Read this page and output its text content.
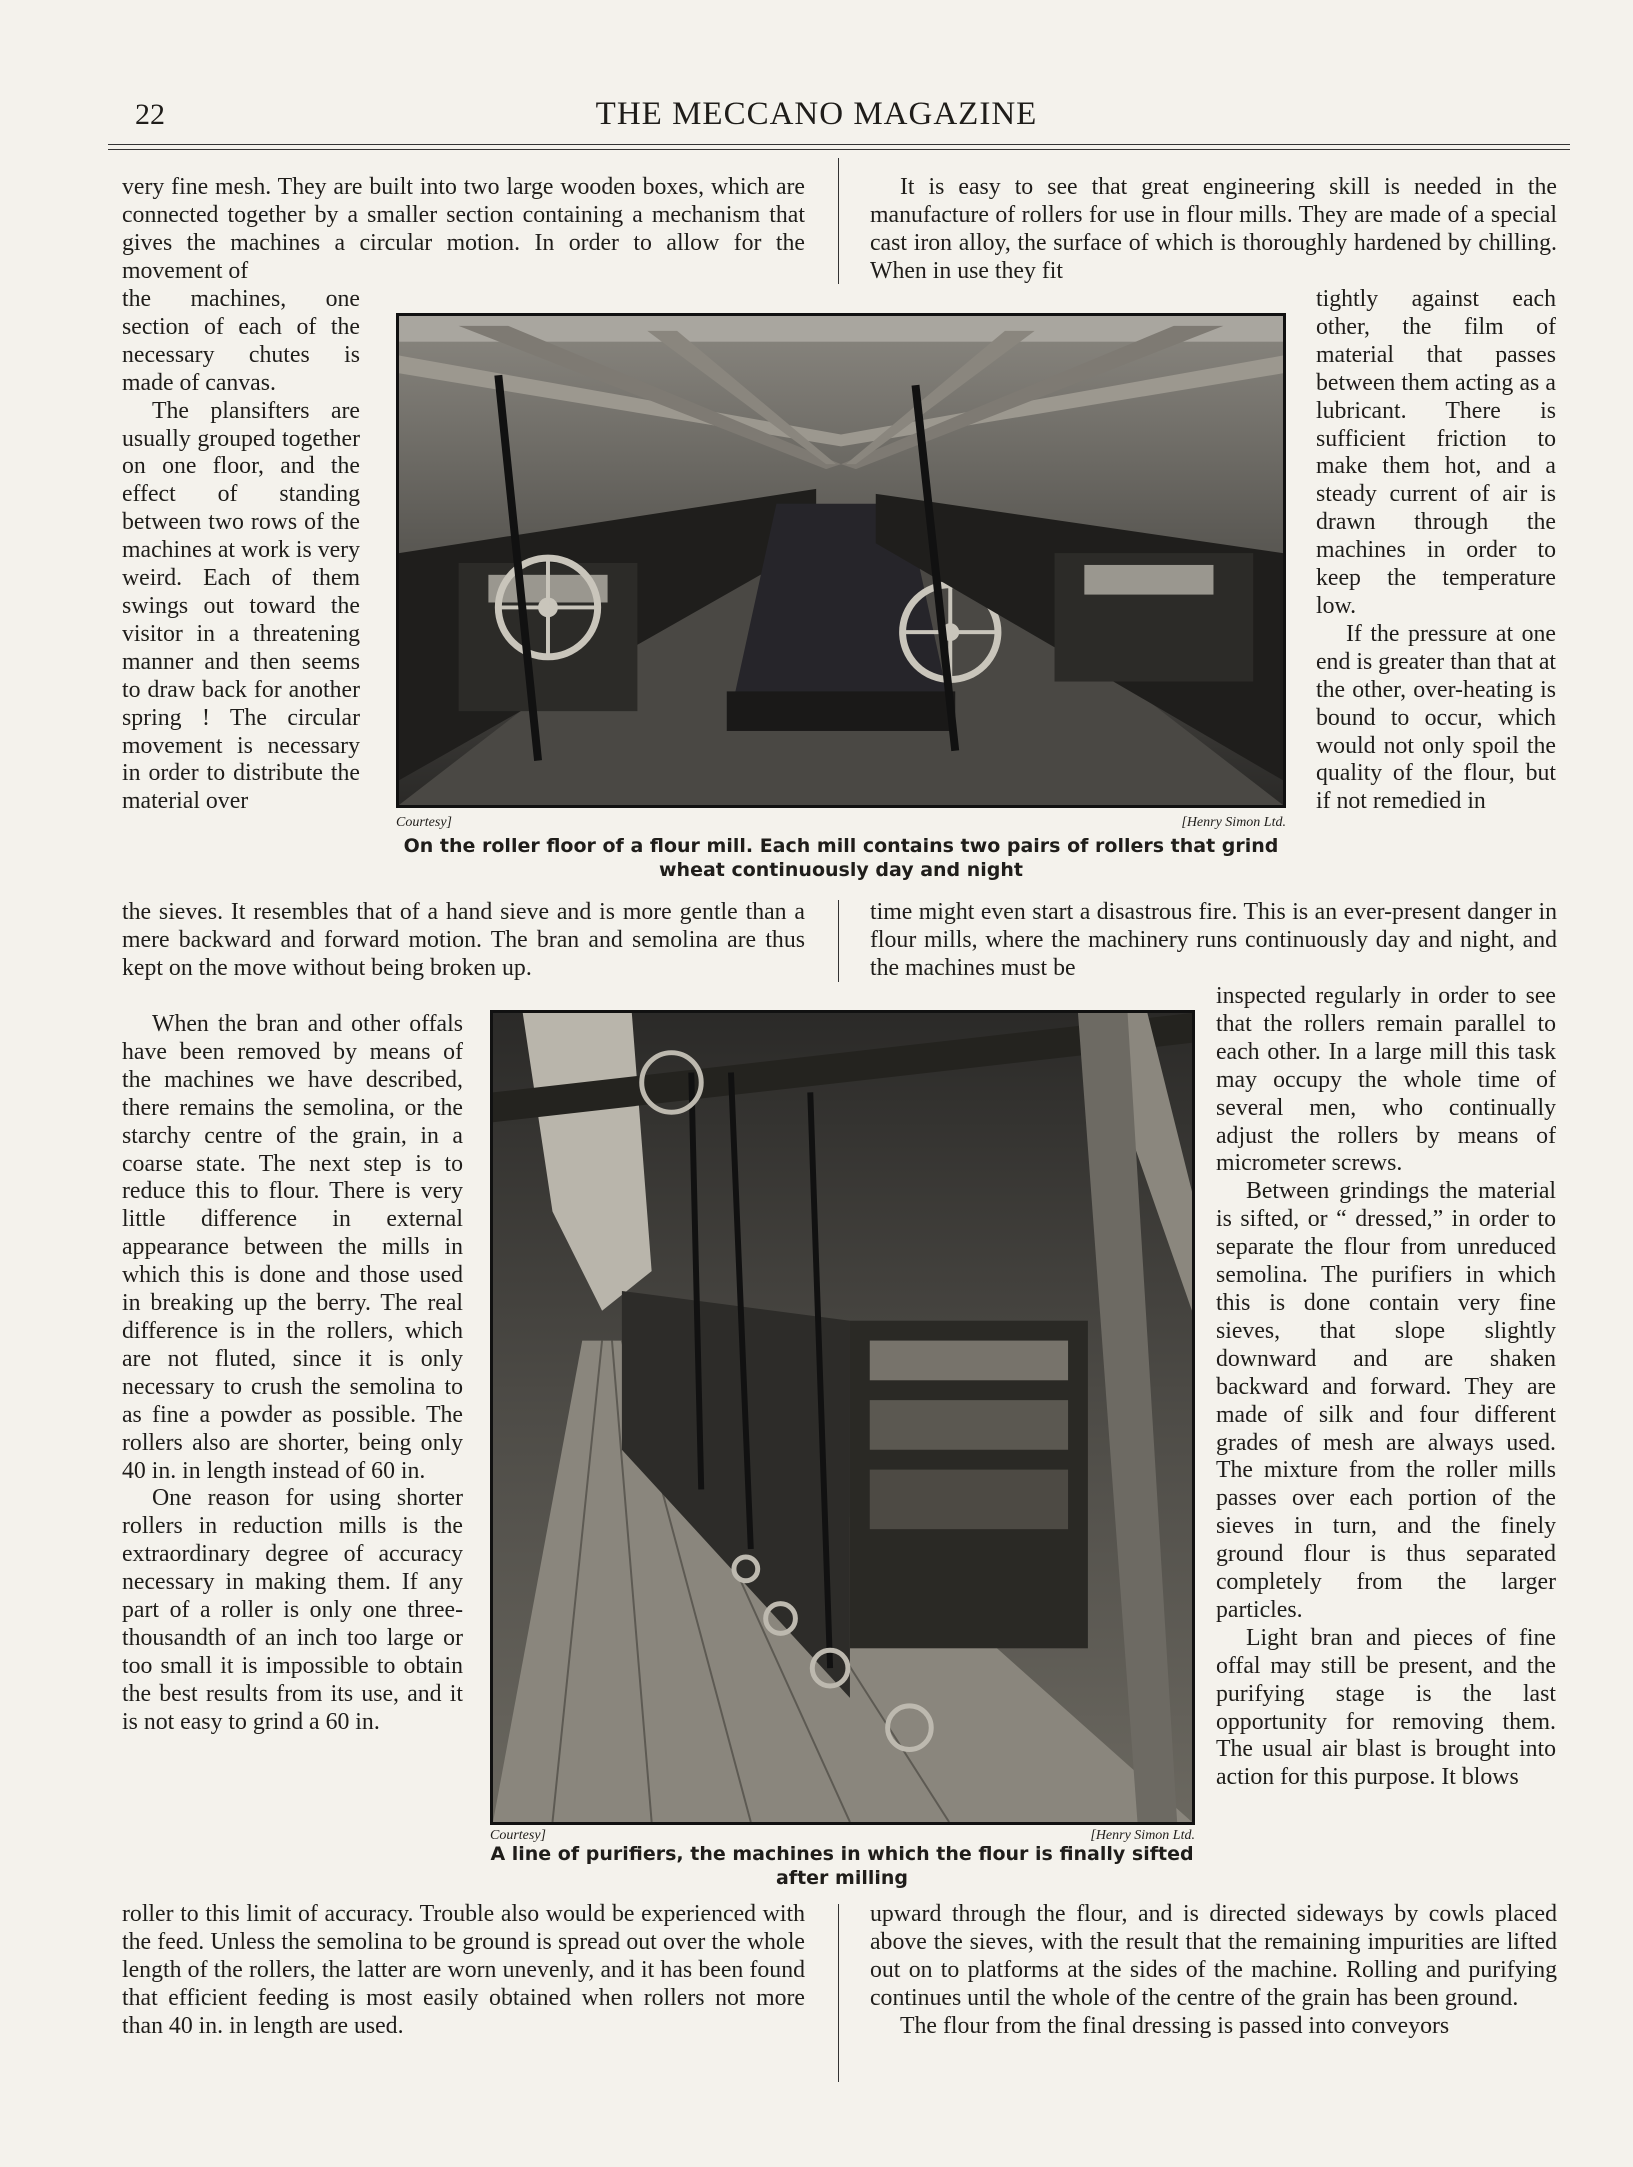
22	THE MECCANO MAGAZINE

very fine mesh. They are built into two large wooden boxes, which are connected together by a smaller section containing a mechanism that gives the machines a circular motion. In order to allow for the movement of

the machines, one section of each of the necessary chutes is made of canvas.

The plansifters are usually grouped together on one floor, and the effect of standing between two rows of the machines at work is very weird. Each of them swings out toward the visitor in a threatening manner and then seems to draw back for another spring ! The circular movement is necessary in order to distribute the material over

the sieves. It resembles that of a hand sieve and is more gentle than a mere backward and forward motion. The bran and semolina are thus kept on the move without being broken up.

When the bran and other offals have been removed by means of the machines we have described, there remains the semolina, or the starchy centre of the grain, in a coarse state. The next step is to reduce this to flour. There is very little difference in external appearance between the mills in which this is done and those used in breaking up the berry. The real difference is in the rollers, which are not fluted, since it is only necessary to crush the semolina to as fine a powder as possible. The rollers also are shorter, being only 40 in. in length instead of 60 in.

One reason for using shorter rollers in reduction mills is the extraordinary degree of accuracy necessary in making them. If any part of a roller is only one three-thousandth of an inch too large or too small it is impossible to obtain the best results from its use, and it is not easy to grind a 60 in.

roller to this limit of accuracy. Trouble also would be experienced with the feed. Unless the semolina to be ground is spread out over the whole length of the rollers, the latter are worn unevenly, and it has been found that efficient feeding is most easily obtained when rollers not more than 40 in. in length are used.

It is easy to see that great engineering skill is needed in the manufacture of rollers for use in flour mills. They are made of a special cast iron alloy, the surface of which is thoroughly hardened by chilling. When in use they fit

tightly against each other, the film of material that passes between them acting as a lubricant. There is sufficient friction to make them hot, and a steady current of air is drawn through the machines in order to keep the temperature low.

If the pressure at one end is greater than that at the other, over-heating is bound to occur, which would not only spoil the quality of the flour, but if not remedied in

time might even start a disastrous fire. This is an ever-present danger in flour mills, where the machinery runs continuously day and night, and the machines must be

inspected regularly in order to see that the rollers remain parallel to each other. In a large mill this task may occupy the whole time of several men, who continually adjust the rollers by means of micrometer screws.

Between grindings the material is sifted, or “ dressed,” in order to separate the flour from unreduced semolina. The purifiers in which this is done contain very fine sieves, that slope slightly downward and are shaken backward and forward. They are made of silk and four different grades of mesh are always used. The mixture from the roller mills passes over each portion of the sieves in turn, and the finely ground flour is thus separated completely from the larger particles.

Light bran and pieces of fine offal may still be present, and the purifying stage is the last opportunity for removing them. The usual air blast is brought into action for this purpose. It blows

upward through the flour, and is directed sideways by cowls placed above the sieves, with the result that the remaining impurities are lifted out on to platforms at the sides of the machine. Rolling and purifying continues until the whole of the centre of the grain has been ground.

The flour from the final dressing is passed into conveyors

Courtesy]	[Henry Simon Ltd.
On the roller floor of a flour mill. Each mill contains two pairs of rollers that grind wheat continuously day and night
Courtesy]	[Henry Simon Ltd.
A line of purifiers, the machines in which the flour is finally sifted after milling
